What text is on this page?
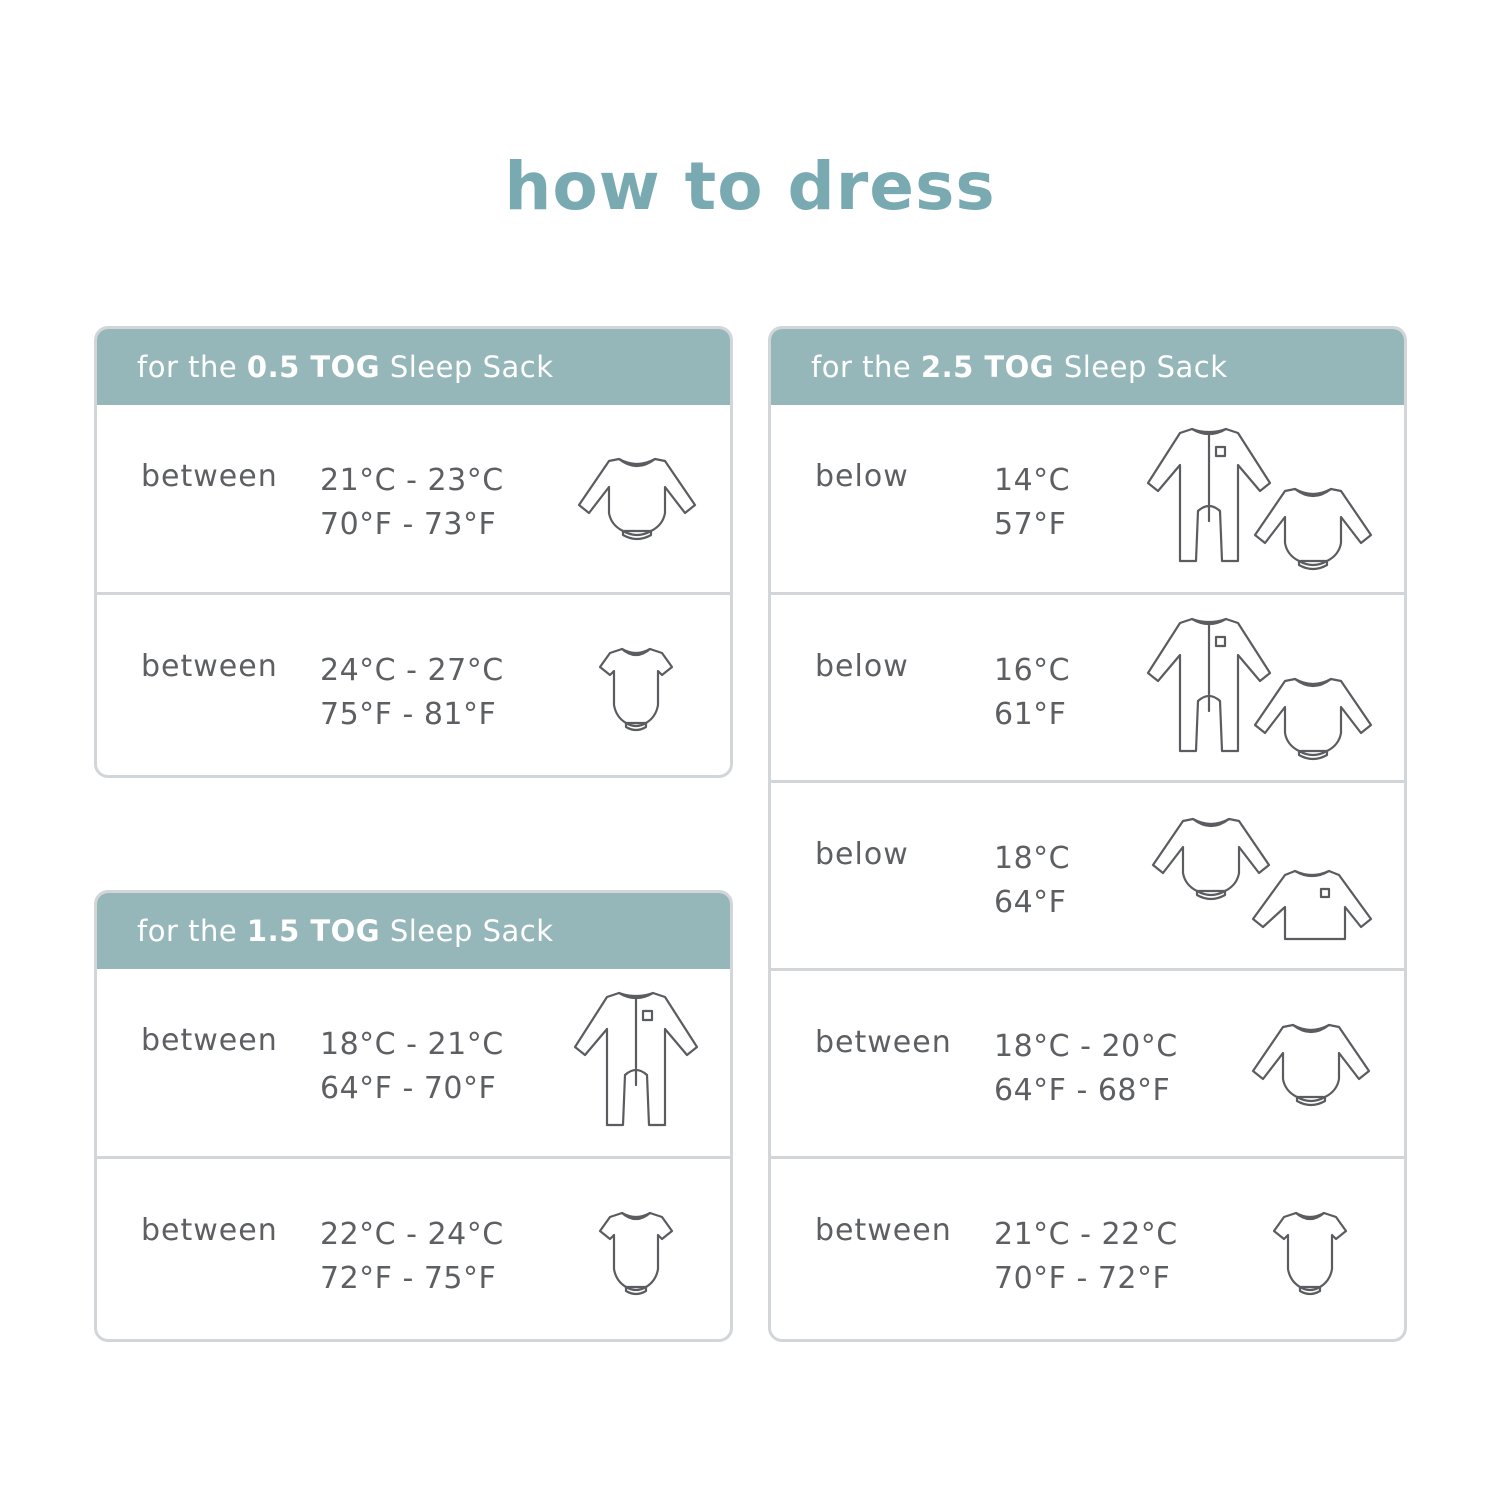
how to dress
for the
0.5 TOG
Sleep Sack
between 21°C - 23°C
70°F - 73°F
between 24°C - 27°C
75°F - 81°F
for the
1.5 TOG
Sleep Sack
between 18°C - 21°C
64°F - 70°F
between 22°C - 24°C
72°F - 75°F
for the
2.5 TOG
Sleep Sack
below	14°C
57°F
below	16°C
61°F
below	18°C
64°F
between 18°C - 20°C
64°F - 68°F
between 21°C - 22°C
70°F - 72°F
